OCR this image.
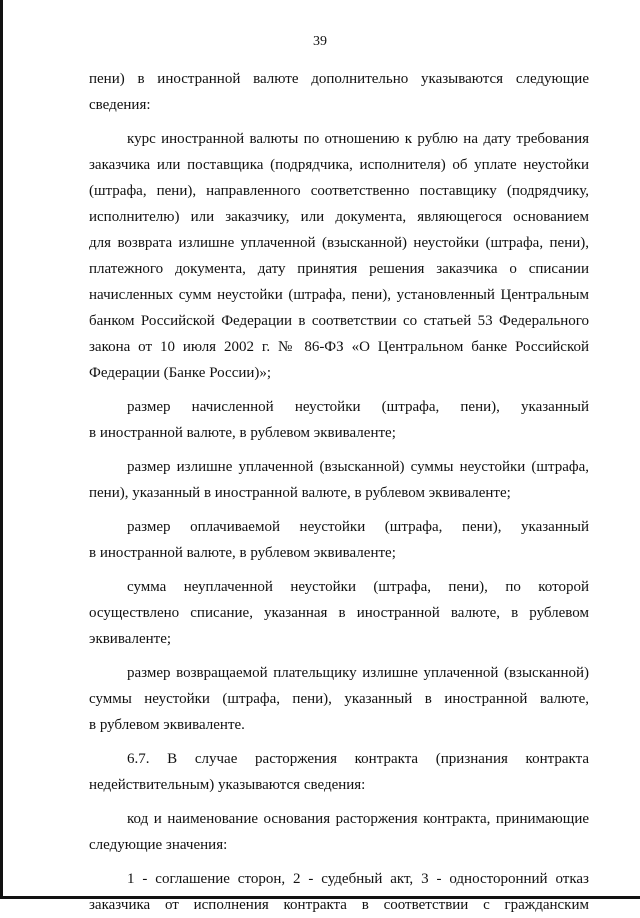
39
пени) в иностранной валюте дополнительно указываются следующие
сведения:
курс иностранной валюты по отношению к рублю на дату требования
заказчика или поставщика (подрядчика, исполнителя) об уплате неустойки
(штрафа, пени), направленного соответственно поставщику (подрядчику,
исполнителю) или заказчику, или документа, являющегося основанием
для возврата излишне уплаченной (взысканной) неустойки (штрафа, пени),
платежного документа, дату принятия решения заказчика о списании
начисленных сумм неустойки (штрафа, пени), установленный Центральным
банком Российской Федерации в соответствии со статьей 53 Федерального
закона от 10 июля 2002 г. № 86-ФЗ «О Центральном банке Российской
Федерации (Банке России)»;
размер начисленной неустойки (штрафа, пени), указанный
в иностранной валюте, в рублевом эквиваленте;
размер излишне уплаченной (взысканной) суммы неустойки (штрафа,
пени), указанный в иностранной валюте, в рублевом эквиваленте;
размер оплачиваемой неустойки (штрафа, пени), указанный
в иностранной валюте, в рублевом эквиваленте;
сумма неуплаченной неустойки (штрафа, пени), по которой
осуществлено списание, указанная в иностранной валюте, в рублевом
эквиваленте;
размер возвращаемой плательщику излишне уплаченной (взысканной)
суммы неустойки (штрафа, пени), указанный в иностранной валюте,
в рублевом эквиваленте.
6.7. В случае расторжения контракта (признания контракта
недействительным) указываются сведения:
код и наименование основания расторжения контракта, принимающие
следующие значения:
1 - соглашение сторон, 2 - судебный акт, 3 - односторонний отказ
заказчика от исполнения контракта в соответствии с гражданским
